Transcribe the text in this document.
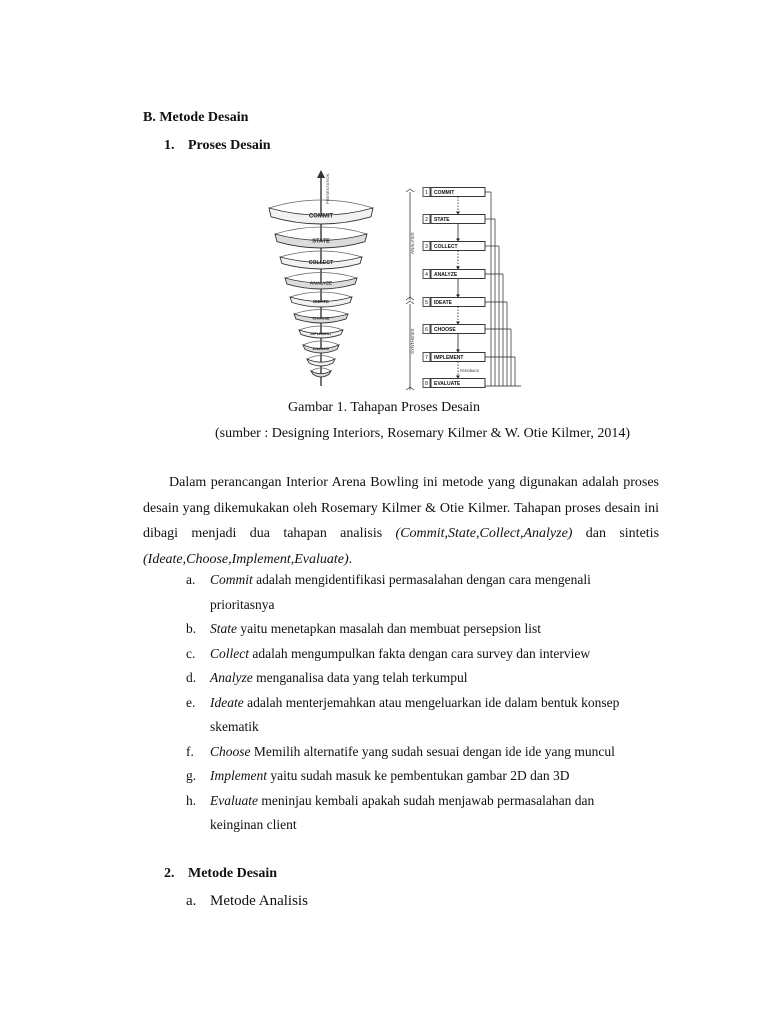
B. Metode Desain
1. Proses Desain
PRESENTATION
COMMIT
STATE
COLLECT
ANALYZE
IDEATE
CHOOSE
IMPLEMENT
EVALUATE
ANALYSIS
SYNTHESIS
1 COMMIT
2 STATE
3 COLLECT
4 ANALYZE
5 IDEATE
6 CHOOSE
7 IMPLEMENT
8 EVALUATE
FEEDBACK
Gambar 1. Tahapan Proses Desain
(sumber : Designing Interiors, Rosemary Kilmer & W. Otie Kilmer, 2014)
Dalam perancangan Interior Arena Bowling ini metode yang digunakan adalah proses
desain yang dikemukakan oleh Rosemary Kilmer & Otie Kilmer. Tahapan proses desain ini
dibagi menjadi dua tahapan analisis (Commit,State,Collect,Analyze) dan sintetis
(Ideate,Choose,Implement,Evaluate).
a. Commit adalah mengidentifikasi permasalahan dengan cara mengenali
prioritasnya
b. State yaitu menetapkan masalah dan membuat persepsion list
c. Collect adalah mengumpulkan fakta dengan cara survey dan interview
d. Analyze menganalisa data yang telah terkumpul
e. Ideate adalah menterjemahkan atau mengeluarkan ide dalam bentuk konsep
skematik
f. Choose Memilih alternatife yang sudah sesuai dengan ide ide yang muncul
g. Implement yaitu sudah masuk ke pembentukan gambar 2D dan 3D
h. Evaluate meninjau kembali apakah sudah menjawab permasalahan dan
keinginan client
2. Metode Desain
a. Metode Analisis
